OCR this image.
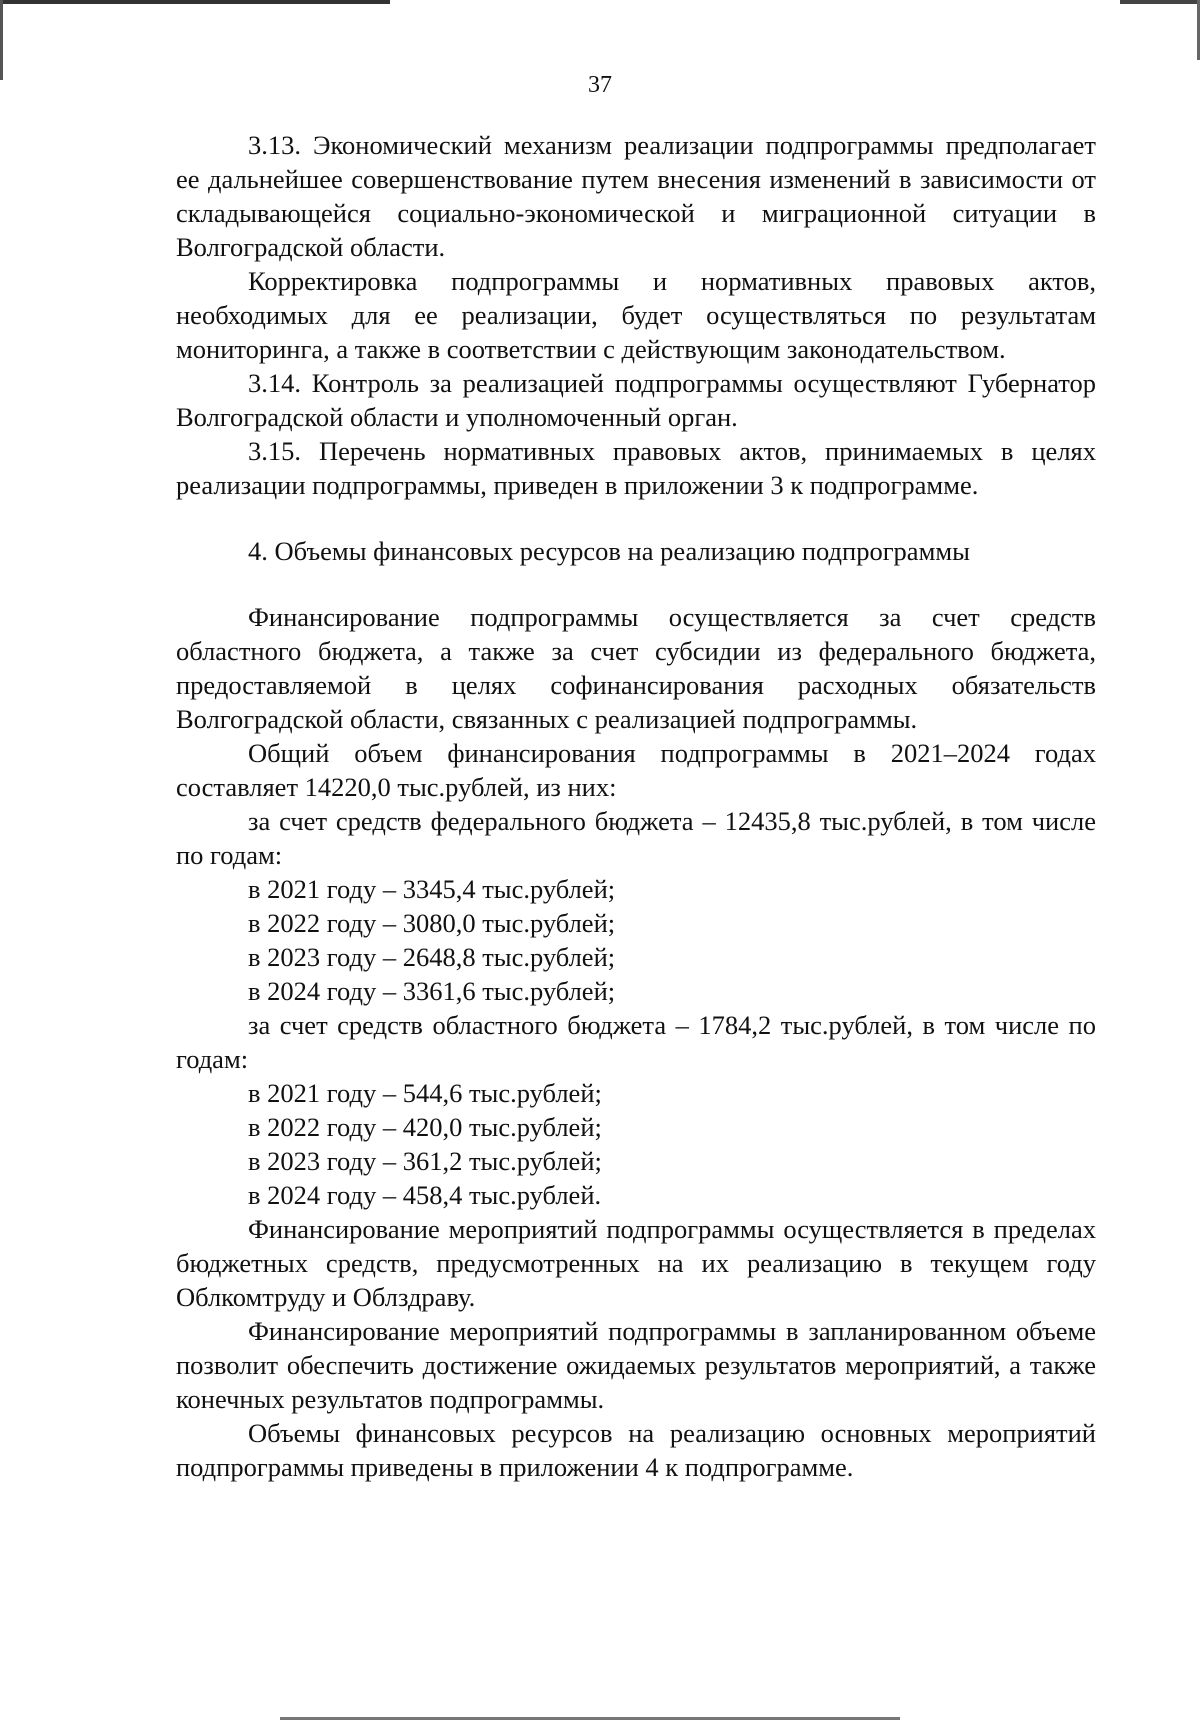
37

3.13. Экономический механизм реализации подпрограммы предполагает ее дальнейшее совершенствование путем внесения изменений в зависимости от складывающейся социально-экономической и миграционной ситуации в Волгоградской области.

Корректировка подпрограммы и нормативных правовых актов, необходимых для ее реализации, будет осуществляться по результатам мониторинга, а также в соответствии с действующим законодательством.

3.14. Контроль за реализацией подпрограммы осуществляют Губернатор Волгоградской области и уполномоченный орган.

3.15. Перечень нормативных правовых актов, принимаемых в целях реализации подпрограммы, приведен в приложении 3 к подпрограмме.

4. Объемы финансовых ресурсов на реализацию подпрограммы

Финансирование подпрограммы осуществляется за счет средств областного бюджета, а также за счет субсидии из федерального бюджета, предоставляемой в целях софинансирования расходных обязательств Волгоградской области, связанных с реализацией подпрограммы.

Общий объем финансирования подпрограммы в 2021–2024 годах составляет 14220,0 тыс.рублей, из них:

за счет средств федерального бюджета – 12435,8 тыс.рублей, в том числе по годам:

в 2021 году – 3345,4 тыс.рублей;

в 2022 году – 3080,0 тыс.рублей;

в 2023 году – 2648,8 тыс.рублей;

в 2024 году – 3361,6 тыс.рублей;

за счет средств областного бюджета – 1784,2 тыс.рублей, в том числе по годам:

в 2021 году – 544,6 тыс.рублей;

в 2022 году – 420,0 тыс.рублей;

в 2023 году – 361,2 тыс.рублей;

в 2024 году – 458,4 тыс.рублей.

Финансирование мероприятий подпрограммы осуществляется в пределах бюджетных средств, предусмотренных на их реализацию в текущем году Облкомтруду и Облздраву.

Финансирование мероприятий подпрограммы в запланированном объеме позволит обеспечить достижение ожидаемых результатов мероприятий, а также конечных результатов подпрограммы.

Объемы финансовых ресурсов на реализацию основных мероприятий подпрограммы приведены в приложении 4 к подпрограмме.
